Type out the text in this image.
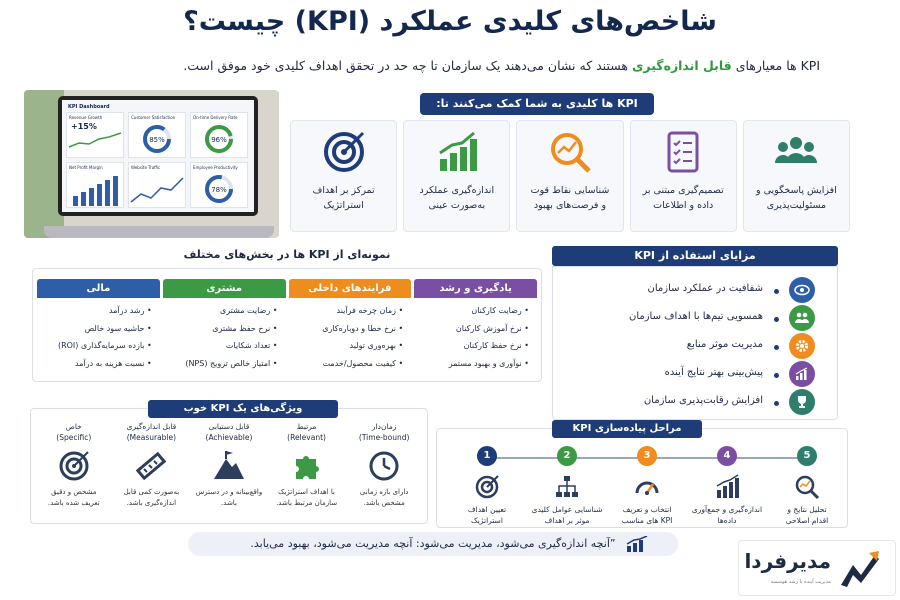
شاخص‌های کلیدی عملکرد (KPI) چیست؟
KPI ها معیارهای قابل اندازه‌گیری هستند که نشان می‌دهند یک سازمان تا چه حد در تحقق اهداف کلیدی خود موفق است.
KPI Dashboard
Revenue Growth
+15%
Customer Satisfaction
85%
On-time Delivery Rate
96%
Net Profit Margin	Website Traffic	Employee Productivity
78%
KPI ها کلیدی به شما کمک می‌کنند تا:
تمرکز بر اهداف
استراتژیک
اندازه‌گیری عملکرد
به‌صورت عینی
شناسایی نقاط قوت
و فرصت‌های بهبود
تصمیم‌گیری مبتنی بر
داده و اطلاعات
افزایش پاسخگویی و
مسئولیت‌پذیری
نمونه‌ای از KPI ها در بخش‌های مختلف
مالی
• رشد درآمد
• حاشیه سود خالص
• بازده سرمایه‌گذاری (ROI)
• نسبت هزینه به درآمد
مشتری
• رضایت مشتری
• نرخ حفظ مشتری
• تعداد شکایات
• امتیاز خالص ترویج (NPS)
فرایندهای داخلی
• زمان چرخه فرآیند
• نرخ خطا و دوباره‌کاری
• بهره‌وری تولید
• کیفیت محصول/خدمت
یادگیری و رشد
• رضایت کارکنان
• نرخ آموزش کارکنان
• نرخ حفظ کارکنان
• نوآوری و بهبود مستمر
مزایای استفاده از KPI
شفافیت در عملکرد سازمان
همسویی تیم‌ها با اهداف سازمان
مدیریت موثر منابع
پیش‌بینی بهتر نتایج آینده
افزایش رقابت‌پذیری سازمان
خاص
(Specific)
مشخص و دقیق
تعریف شده باشد.
قابل اندازه‌گیری
(Measurable)
به‌صورت کمی قابل
اندازه‌گیری باشد.
قابل دستیابی
(Achievable)
واقع‌بینانه و در دسترس
باشد.
مرتبط
(Relevant)
با اهداف استراتژیک
سازمان مرتبط باشد.
زمان‌دار
(Time-bound)
دارای بازه زمانی
مشخص باشد.
ویژگی‌های یک KPI خوب
مراحل پیاده‌سازی KPI
1
تعیین اهداف
استراتژیک
2
شناسایی عوامل کلیدی
موثر بر اهداف
3
انتخاب و تعریف
KPI های مناسب
4
اندازه‌گیری و جمع‌آوری
داده‌ها
5
تحلیل نتایج و
اقدام اصلاحی
”آنچه اندازه‌گیری می‌شود، مدیریت می‌شود: آنچه مدیریت می‌شود، بهبود می‌یابد.
مدیرفردا
مدیریت آینده با رشد هوشمند
